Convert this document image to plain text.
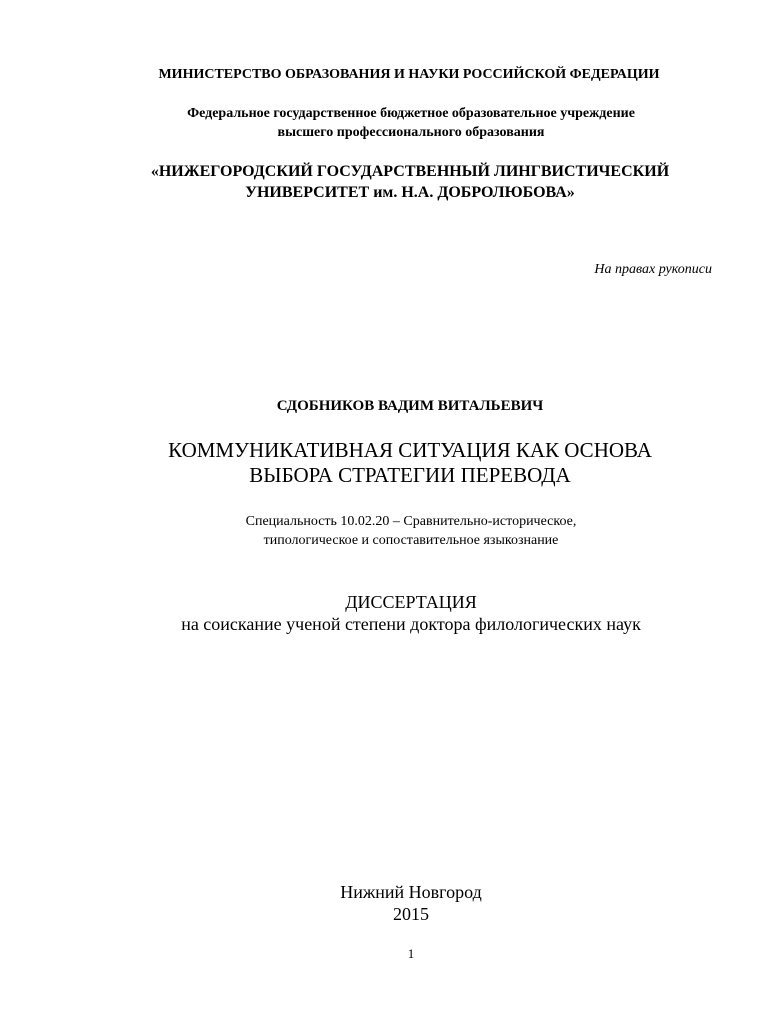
МИНИСТЕРСТВО ОБРАЗОВАНИЯ И НАУКИ РОССИЙСКОЙ ФЕДЕРАЦИИ
Федеральное государственное бюджетное образовательное учреждение
высшего профессионального образования
«НИЖЕГОРОДСКИЙ ГОСУДАРСТВЕННЫЙ ЛИНГВИСТИЧЕСКИЙ
УНИВЕРСИТЕТ им. Н.А. ДОБРОЛЮБОВА»
На правах рукописи
СДОБНИКОВ ВАДИМ ВИТАЛЬЕВИЧ
КОММУНИКАТИВНАЯ СИТУАЦИЯ КАК ОСНОВА
ВЫБОРА СТРАТЕГИИ ПЕРЕВОДА
Специальность 10.02.20 – Сравнительно-историческое,
типологическое и сопоставительное языкознание
ДИССЕРТАЦИЯ
на соискание ученой степени доктора филологических наук
Нижний Новгород
2015
1
